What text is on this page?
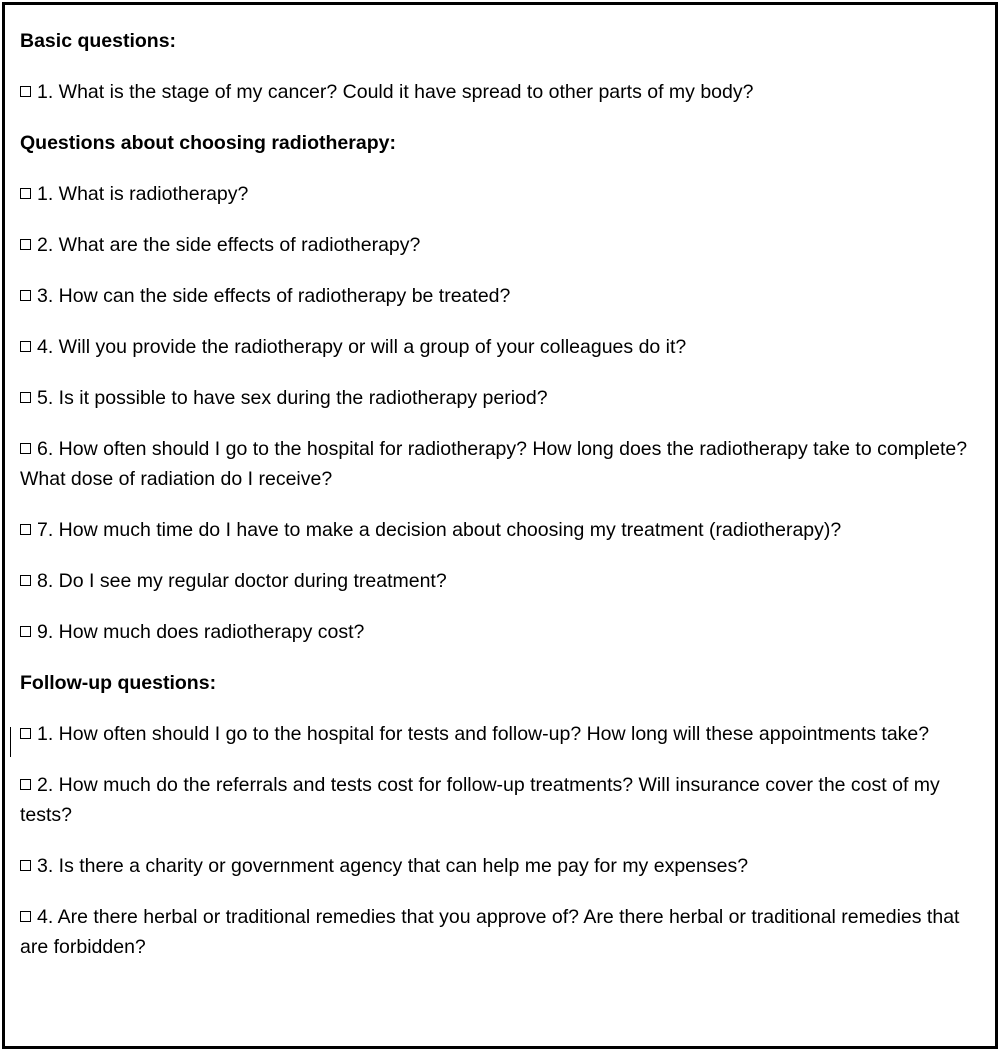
Basic questions:
1. What is the stage of my cancer? Could it have spread to other parts of my body?
Questions about choosing radiotherapy:
1. What is radiotherapy?
2. What are the side effects of radiotherapy?
3. How can the side effects of radiotherapy be treated?
4. Will you provide the radiotherapy or will a group of your colleagues do it?
5. Is it possible to have sex during the radiotherapy period?
6. How often should I go to the hospital for radiotherapy? How long does the radiotherapy take to complete? What dose of radiation do I receive?
7. How much time do I have to make a decision about choosing my treatment (radiotherapy)?
8. Do I see my regular doctor during treatment?
9. How much does radiotherapy cost?
Follow-up questions:
1. How often should I go to the hospital for tests and follow-up? How long will these appointments take?
2. How much do the referrals and tests cost for follow-up treatments? Will insurance cover the cost of my tests?
3. Is there a charity or government agency that can help me pay for my expenses?
4. Are there herbal or traditional remedies that you approve of? Are there herbal or traditional remedies that are forbidden?
